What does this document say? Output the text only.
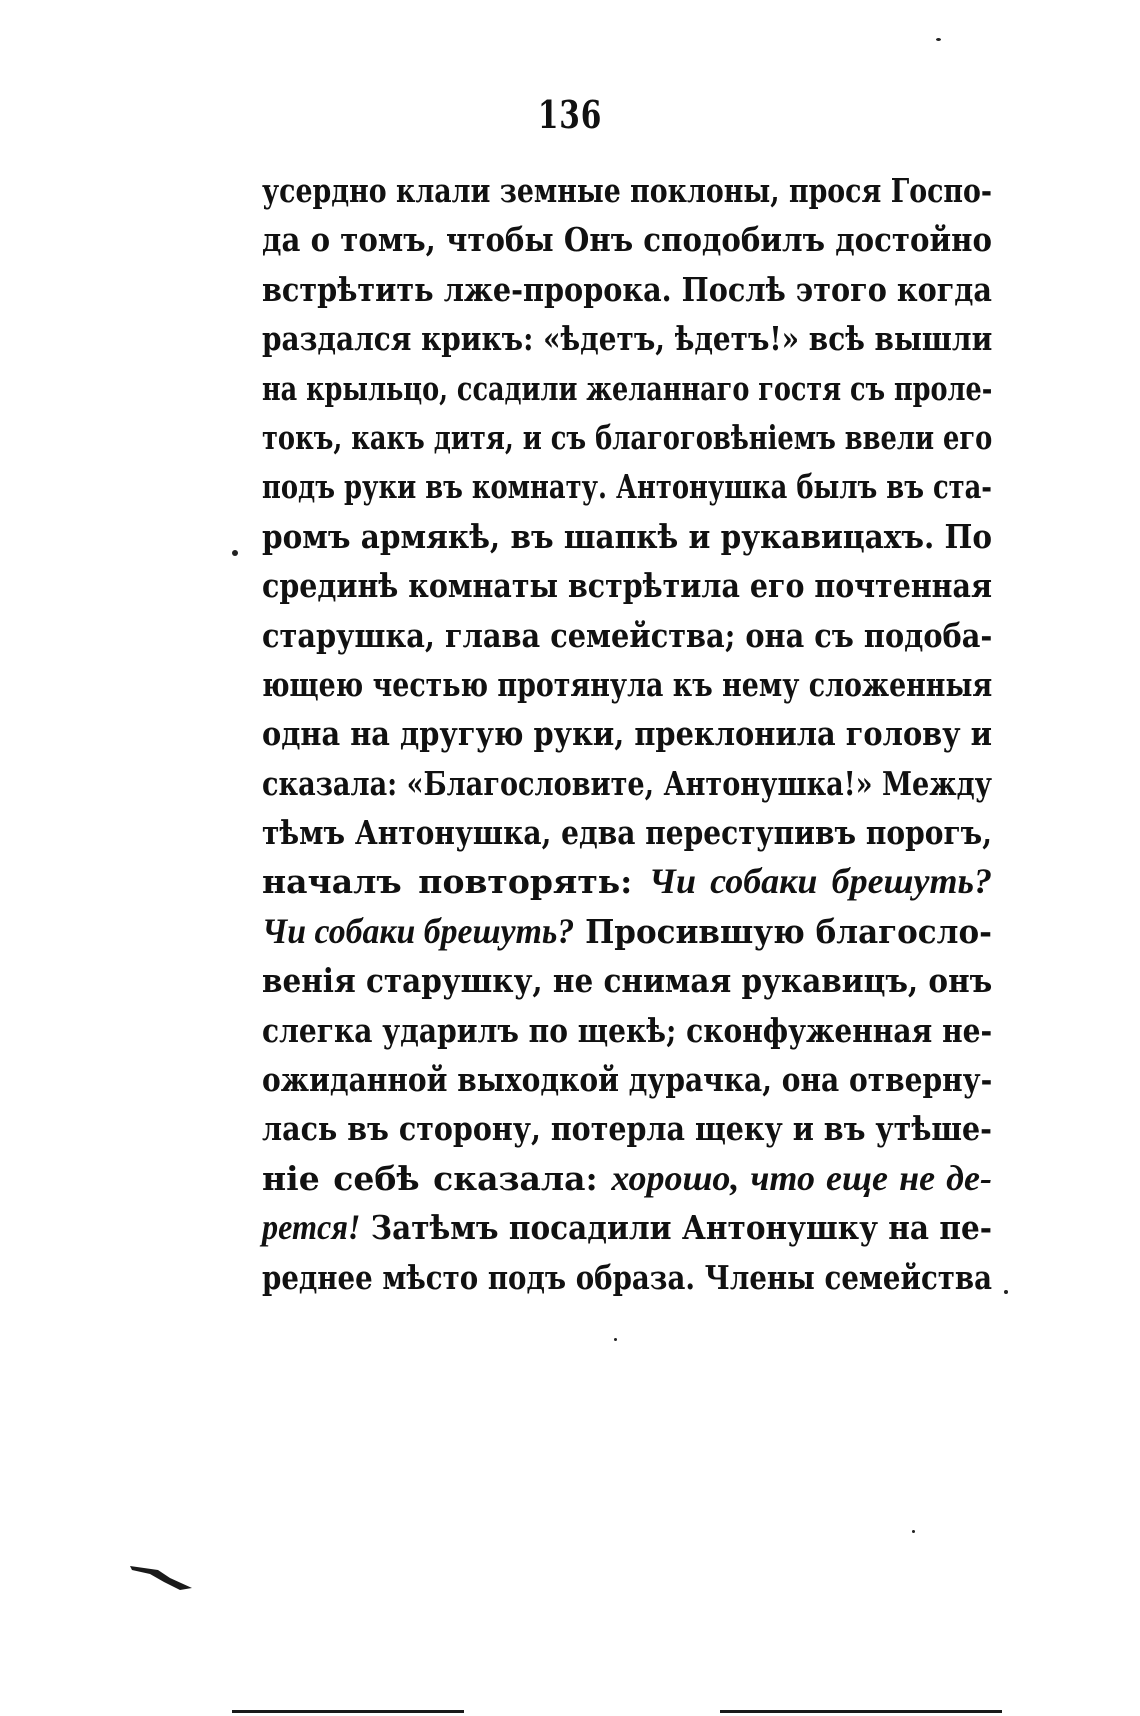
136
усердно клали земные поклоны, прося Госпо-
да о томъ, чтобы Онъ сподобилъ достойно
встрѣтить лже-пророка. Послѣ этого когда
раздался крикъ: «ѣдетъ, ѣдетъ!» всѣ вышли
на крыльцо, ссадили желаннаго гостя съ проле-
токъ, какъ дитя, и съ благоговѣніемъ ввели его
подъ руки въ комнату. Антонушка былъ въ ста-
ромъ армякѣ, въ шапкѣ и рукавицахъ. По
срединѣ комнаты встрѣтила его почтенная
старушка, глава семейства; она съ подоба-
ющею честью протянула къ нему сложенныя
одна на другую руки, преклонила голову и
сказала: «Благословите, Антонушка!» Между
тѣмъ Антонушка, едва переступивъ порогъ,
началъ повторять: Чи собаки брешуть?
Чи собаки брешуть? Просившую благосло-
венія старушку, не снимая рукавицъ, онъ
слегка ударилъ по щекѣ; сконфуженная не-
ожиданной выходкой дурачка, она отверну-
лась въ сторону, потерла щеку и въ утѣше-
ніе себѣ сказала: хорошо, что еще не де-
рется! Затѣмъ посадили Антонушку на пе-
реднее мѣсто подъ образа. Члены семейства
